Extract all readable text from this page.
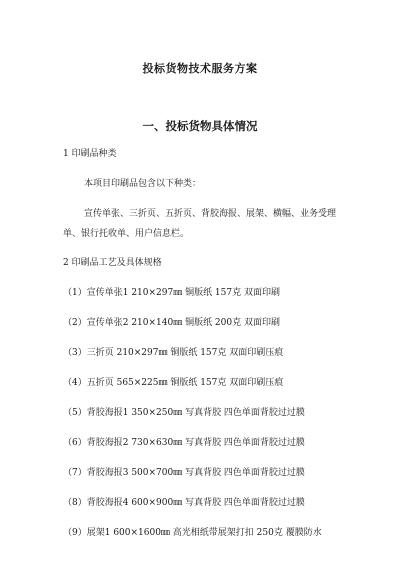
投标货物技术服务方案
一、投标货物具体情况
1 印刷品种类
本项目印刷品包含以下种类：
宣传单张、三折页、五折页、背胶海报、展架、横幅、业务受理
单、银行托收单、用户信息栏。
2 印刷品工艺及具体规格
（1）宣传单张1 210×297㎜ 铜版纸 157克 双面印刷
（2）宣传单张2 210×140㎜ 铜版纸 200克 双面印刷
（3）三折页 210×297㎜ 铜版纸 157克 双面印刷压痕
（4）五折页 565×225㎜ 铜版纸 157克 双面印刷压痕
（5）背胶海报1 350×250㎜ 写真背胶 四色单面背胶过过膜
（6）背胶海报2 730×630㎜ 写真背胶 四色单面背胶过过膜
（7）背胶海报3 500×700㎜ 写真背胶 四色单面背胶过过膜
（8）背胶海报4 600×900㎜ 写真背胶 四色单面背胶过过膜
（9）展架1 600×1600㎜ 高光相纸带展架打扣 250克 覆膜防水
